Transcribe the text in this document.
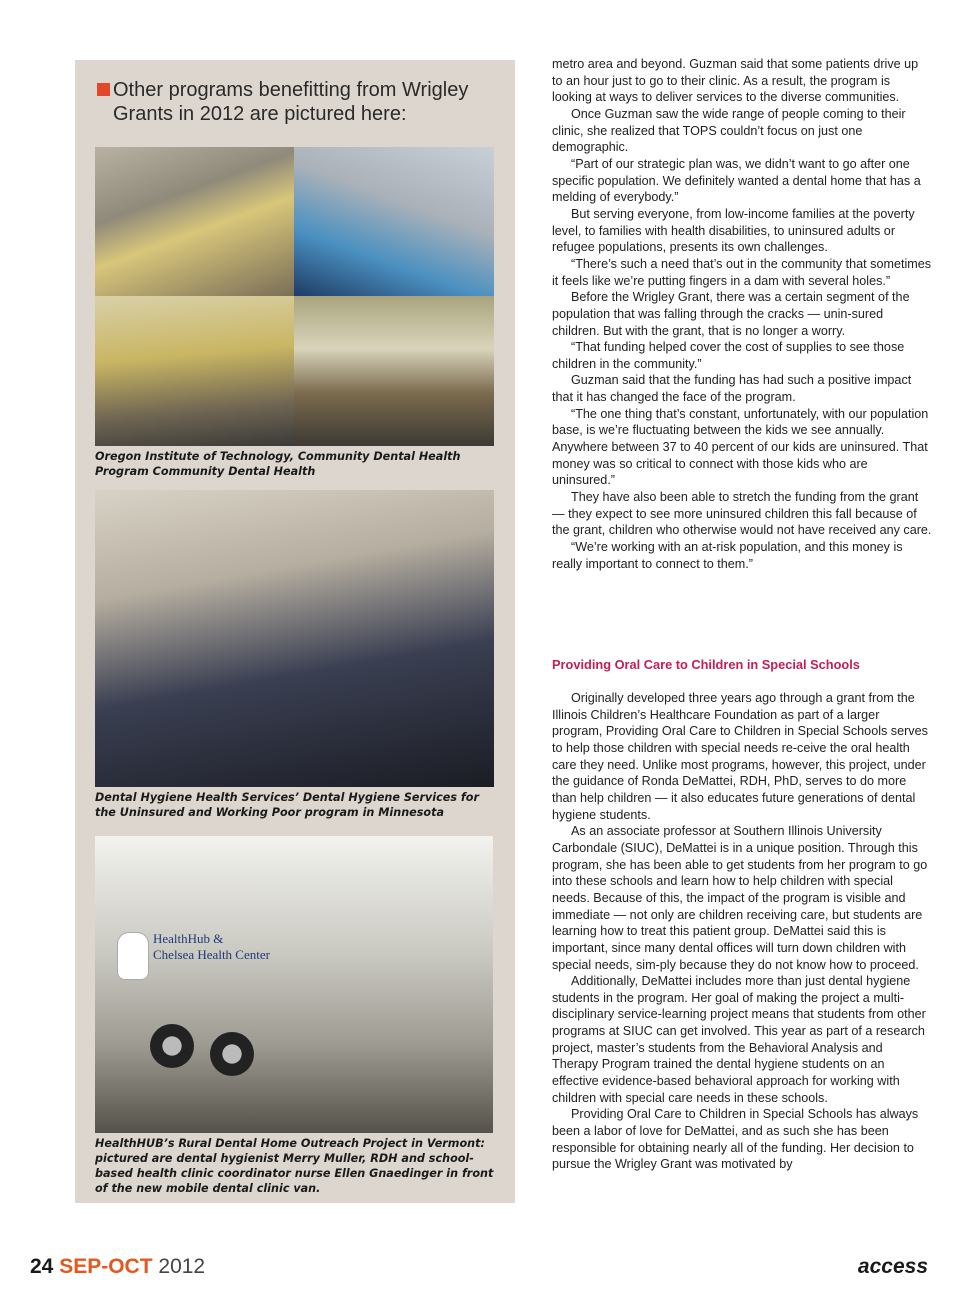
Other programs benefitting from Wrigley Grants in 2012 are pictured here:
Oregon Institute of Technology, Community Dental Health Program Community Dental Health
Dental Hygiene Health Services’ Dental Hygiene Services for the Uninsured and Working Poor program in Minnesota
HealthHub &
Chelsea Health Center
HealthHUB’s Rural Dental Home Outreach Project in Vermont: pictured are dental hygienist Merry Muller, RDH and school-based health clinic coordinator nurse Ellen Gnaedinger in front of the new mobile dental clinic van.

metro area and beyond. Guzman said that some patients drive up to an hour just to go to their clinic. As a result, the program is looking at ways to deliver services to the diverse communities.

Once Guzman saw the wide range of people coming to their clinic, she realized that TOPS couldn’t focus on just one demographic.

“Part of our strategic plan was, we didn’t want to go after one specific population. We definitely wanted a dental home that has a melding of everybody.”

But serving everyone, from low-income families at the poverty level, to families with health disabilities, to uninsured adults or refugee populations, presents its own challenges.

“There’s such a need that’s out in the community that sometimes it feels like we’re putting fingers in a dam with several holes.”

Before the Wrigley Grant, there was a certain segment of the population that was falling through the cracks — unin-sured children. But with the grant, that is no longer a worry.

“That funding helped cover the cost of supplies to see those children in the community.”

Guzman said that the funding has had such a positive impact that it has changed the face of the program.

“The one thing that’s constant, unfortunately, with our population base, is we’re fluctuating between the kids we see annually. Anywhere between 37 to 40 percent of our kids are uninsured. That money was so critical to connect with those kids who are uninsured.”

They have also been able to stretch the funding from the grant — they expect to see more uninsured children this fall because of the grant, children who otherwise would not have received any care.

“We’re working with an at-risk population, and this money is really important to connect to them.”

Providing Oral Care to Children in Special Schools

Originally developed three years ago through a grant from the Illinois Children’s Healthcare Foundation as part of a larger program, Providing Oral Care to Children in Special Schools serves to help those children with special needs re-ceive the oral health care they need. Unlike most programs, however, this project, under the guidance of Ronda DeMattei, RDH, PhD, serves to do more than help children — it also educates future generations of dental hygiene students.

As an associate professor at Southern Illinois University Carbondale (SIUC), DeMattei is in a unique position. Through this program, she has been able to get students from her program to go into these schools and learn how to help children with special needs. Because of this, the impact of the program is visible and immediate — not only are children receiving care, but students are learning how to treat this patient group. DeMattei said this is important, since many dental offices will turn down children with special needs, sim-ply because they do not know how to proceed.

Additionally, DeMattei includes more than just dental hygiene students in the program. Her goal of making the project a multi-disciplinary service-learning project means that students from other programs at SIUC can get involved. This year as part of a research project, master’s students from the Behavioral Analysis and Therapy Program trained the dental hygiene students on an effective evidence-based behavioral approach for working with children with special care needs in these schools.

Providing Oral Care to Children in Special Schools has always been a labor of love for DeMattei, and as such she has been responsible for obtaining nearly all of the funding. Her decision to pursue the Wrigley Grant was motivated by

24 SEP-OCT 2012	access
